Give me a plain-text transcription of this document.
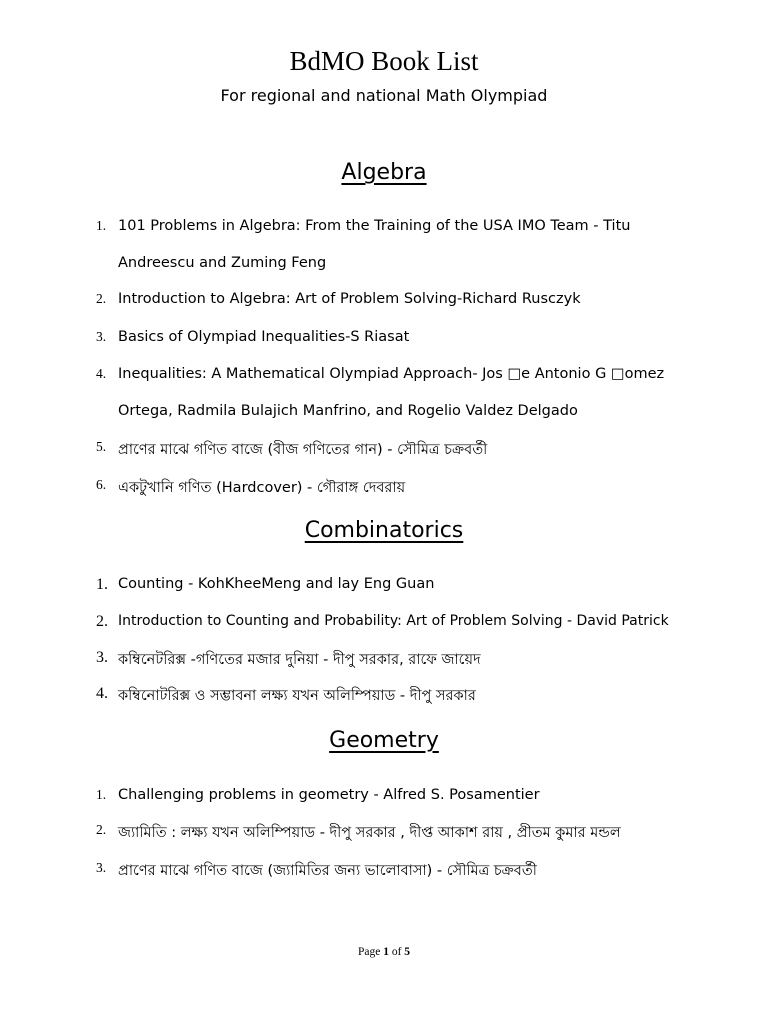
BdMO Book List
For regional and national Math Olympiad
Algebra
1. 101 Problems in Algebra: From the Training of the USA IMO Team - Titu
Andreescu and Zuming Feng
2. Introduction to Algebra: Art of Problem Solving-Richard Rusczyk
3. Basics of Olympiad Inequalities-S Riasat
4. Inequalities: A Mathematical Olympiad Approach- Jos □e Antonio G □omez
Ortega, Radmila Bulajich Manfrino, and Rogelio Valdez Delgado
5. প্রাণের মাঝে গণিত বাজে (বীজ গণিতের গান) - সৌমিত্র চক্রবর্তী
6. একটুখানি গণিত (Hardcover) - গৌরাঙ্গ দেবরায়
Combinatorics
1. Counting - KohKheeMeng and lay Eng Guan
2. Introduction to Counting and Probability: Art of Problem Solving - David Patrick
3. কম্বিনেটরিক্স -গণিতের মজার দুনিয়া - দীপু সরকার, রাফে জায়েদ
4. কম্বিনোটরিক্স ও সম্ভাবনা লক্ষ্য যখন অলিম্পিয়াড - দীপু সরকার
Geometry
1. Challenging problems in geometry - Alfred S. Posamentier
2. জ্যামিতি : লক্ষ্য যখন অলিম্পিয়াড - দীপু সরকার , দীপ্ত আকাশ রায় , প্রীতম কুমার মন্ডল
3. প্রাণের মাঝে গণিত বাজে (জ্যামিতির জন্য ভালোবাসা) - সৌমিত্র চক্রবর্তী
Page 1 of 5
